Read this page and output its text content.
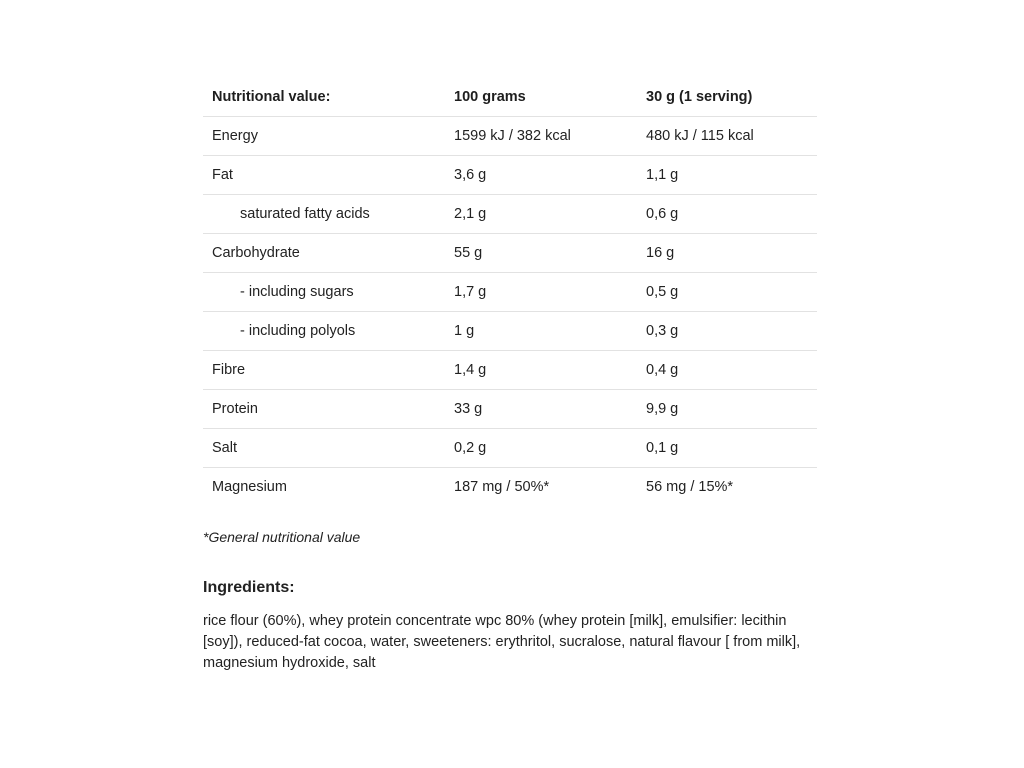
Nutritional value:	100 grams	30 g (1 serving)
Energy	1599 kJ / 382 kcal	480 kJ / 115 kcal
Fat	3,6 g	1,1 g
saturated fatty acids	2,1 g	0,6 g
Carbohydrate	55 g	16 g
- including sugars	1,7 g	0,5 g
- including polyols	1 g	0,3 g
Fibre	1,4 g	0,4 g
Protein	33 g	9,9 g
Salt	0,2 g	0,1 g
Magnesium	187 mg / 50%*	56 mg / 15%*
*General nutritional value
Ingredients:
rice flour (60%), whey protein concentrate wpc 80% (whey protein [milk], emulsifier: lecithin [soy]), reduced-fat cocoa, water, sweeteners: erythritol, sucralose, natural flavour [ from milk], magnesium hydroxide, salt
